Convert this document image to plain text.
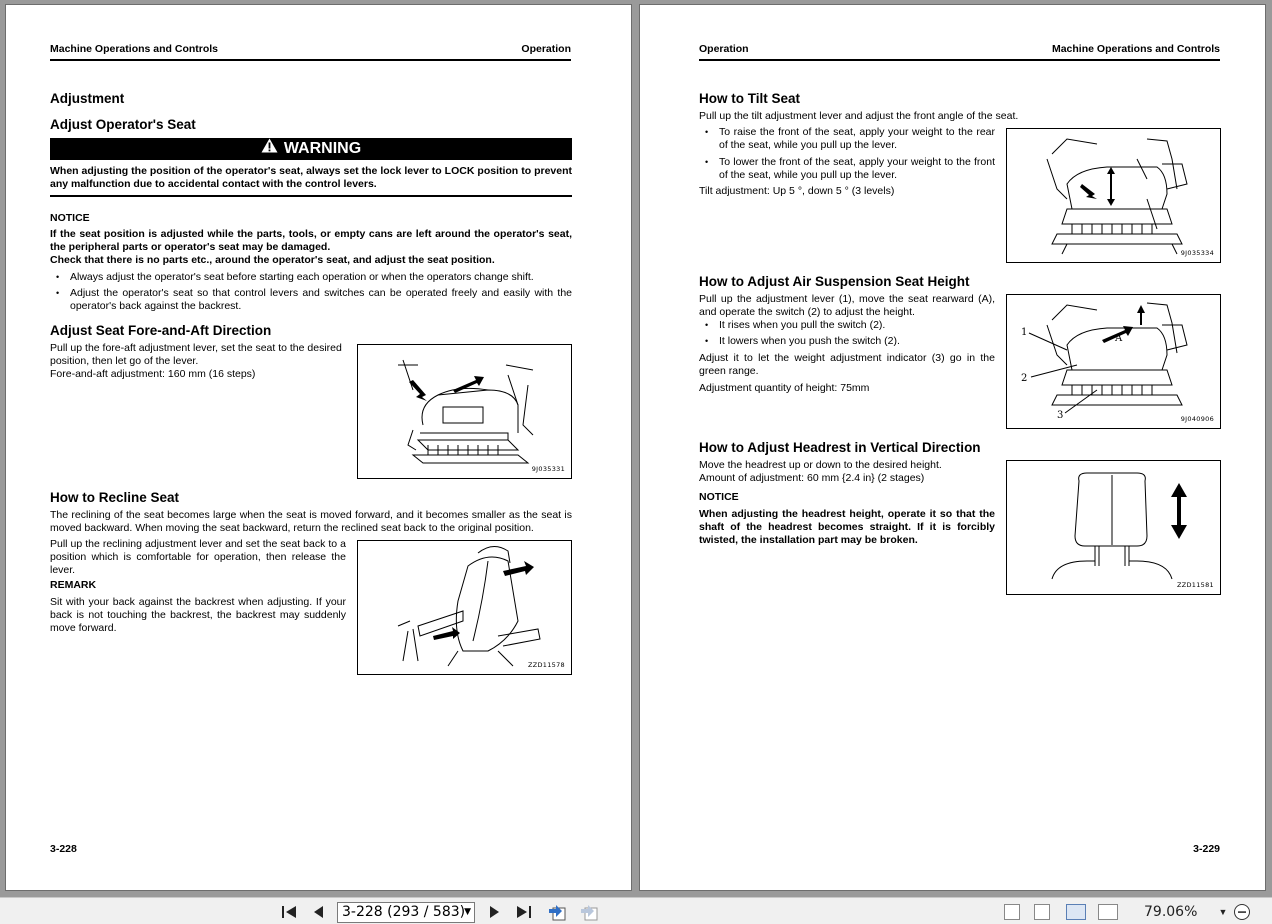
Machine Operations and Controls	Operation
Adjustment
Adjust Operator's Seat
WARNING
When adjusting the position of the operator's seat, always set the lock lever to LOCK position to prevent any malfunction due to accidental contact with the control levers.
NOTICE
If the seat position is adjusted while the parts, tools, or empty cans are left around the operator's seat, the peripheral parts or operator's seat may be damaged.
Check that there is no parts etc., around the operator's seat, and adjust the seat position.
• Always adjust the operator's seat before starting each operation or when the operators change shift.
• Adjust the operator's seat so that control levers and switches can be operated freely and easily with the operator's back against the backrest.
Adjust Seat Fore-and-Aft Direction
Pull up the fore-aft adjustment lever, set the seat to the desired position, then let go of the lever.
Fore-and-aft adjustment: 160 mm (16 steps)
9J035331
How to Recline Seat
The reclining of the seat becomes large when the seat is moved forward, and it becomes smaller as the seat is moved backward. When moving the seat backward, return the reclined seat back to the original position.
Pull up the reclining adjustment lever and set the seat back to a position which is comfortable for operation, then release the lever.
REMARK
Sit with your back against the backrest when adjusting. If your back is not touching the backrest, the backrest may suddenly move forward.
ZZD11578
3-228
Operation	Machine Operations and Controls
How to Tilt Seat
Pull up the tilt adjustment lever and adjust the front angle of the seat.
• To raise the front of the seat, apply your weight to the rear of the seat, while you pull up the lever.
• To lower the front of the seat, apply your weight to the front of the seat, while you pull up the lever.
Tilt adjustment: Up 5 °, down 5 ° (3 levels)
9J035334
How to Adjust Air Suspension Seat Height
Pull up the adjustment lever (1), move the seat rearward (A), and operate the switch (2) to adjust the height.
• It rises when you pull the switch (2).
• It lowers when you push the switch (2).
Adjust it to let the weight adjustment indicator (3) go in the green range.
Adjustment quantity of height: 75mm
1
2
3
A
9J040906
How to Adjust Headrest in Vertical Direction
Move the headrest up or down to the desired height.
Amount of adjustment: 60 mm {2.4 in} (2 stages)
NOTICE
When adjusting the headrest height, operate it so that the shaft of the headrest becomes straight. If it is forcibly twisted, the installation part may be broken.
ZZD11581
3-229
3-228 (293 / 583)
▼	79.06% ▼
